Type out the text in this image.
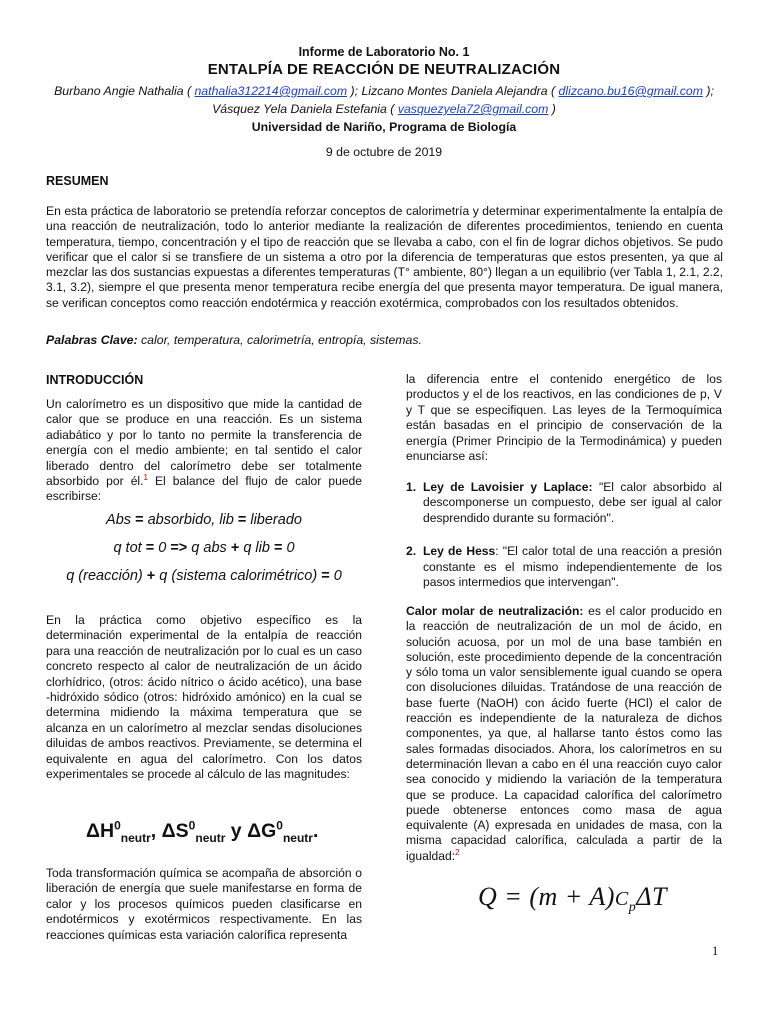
Informe de Laboratorio No. 1
ENTALPÍA DE REACCIÓN DE NEUTRALIZACIÓN
Burbano Angie Nathalia ( nathalia312214@gmail.com ); Lizcano Montes Daniela Alejandra ( dlizcano.bu16@gmail.com );
Vásquez Yela Daniela Estefania ( vasquezyela72@gmail.com )
Universidad de Nariño, Programa de Biología
9 de octubre de 2019
RESUMEN
En esta práctica de laboratorio se pretendía reforzar conceptos de calorimetría y determinar experimentalmente la entalpía de una reacción de neutralización, todo lo anterior mediante la realización de diferentes procedimientos, teniendo en cuenta temperatura, tiempo, concentración y el tipo de reacción que se llevaba a cabo, con el fin de lograr dichos objetivos. Se pudo verificar que el calor si se transfiere de un sistema a otro por la diferencia de temperaturas que estos presenten, ya que al mezclar las dos sustancias expuestas a diferentes temperaturas (T° ambiente, 80°) llegan a un equilibrio (ver Tabla 1, 2.1, 2.2, 3.1, 3.2), siempre el que presenta menor temperatura recibe energía del que presenta mayor temperatura. De igual manera, se verifican conceptos como reacción endotérmica y reacción exotérmica, comprobados con los resultados obtenidos.
Palabras Clave: calor, temperatura, calorimetría, entropía, sistemas.
INTRODUCCIÓN
Un calorímetro es un dispositivo que mide la cantidad de calor que se produce en una reacción. Es un sistema adiabático y por lo tanto no permite la transferencia de energía con el medio ambiente; en tal sentido el calor liberado dentro del calorímetro debe ser totalmente absorbido por él.$^1$ El balance del flujo de calor puede escribirse:
Abs = absorbido, lib = liberado
q tot = 0 => q abs + q lib = 0
q (reacción) + q (sistema calorimétrico) = 0
En la práctica como objetivo específico es la determinación experimental de la entalpía de reacción para una reacción de neutralización por lo cual es un caso concreto respecto al calor de neutralización de un ácido clorhídrico, (otros: ácido nítrico o ácido acético), una base -hidróxido sódico (otros: hidróxido amónico) en la cual se determina midiendo la máxima temperatura que se alcanza en un calorímetro al mezclar sendas disoluciones diluidas de ambos reactivos. Previamente, se determina el equivalente en agua del calorímetro. Con los datos experimentales se procede al cálculo de las magnitudes:
$\Delta H^0_{neutr}$, $\Delta S^0_{neutr}$ y $\Delta G^0_{neutr}$.
Toda transformación química se acompaña de absorción o liberación de energía que suele manifestarse en forma de calor y los procesos químicos pueden clasificarse en endotérmicos y exotérmicos respectivamente. En las reacciones químicas esta variación calorífica representa
la diferencia entre el contenido energético de los productos y el de los reactivos, en las condiciones de p, V y T que se especifiquen. Las leyes de la Termoquímica están basadas en el principio de conservación de la energía (Primer Principio de la Termodinámica) y pueden enunciarse así:
1. Ley de Lavoisier y Laplace: "El calor absorbido al descomponerse un compuesto, debe ser igual al calor desprendido durante su formación".
2. Ley de Hess: "El calor total de una reacción a presión constante es el mismo independientemente de los pasos intermedios que intervengan".
Calor molar de neutralización: es el calor producido en la reacción de neutralización de un mol de ácido, en solución acuosa, por un mol de una base también en solución, este procedimiento depende de la concentración y sólo toma un valor sensiblemente igual cuando se opera con disoluciones diluidas. Tratándose de una reacción de base fuerte (NaOH) con ácido fuerte (HCl) el calor de reacción es independiente de la naturaleza de dichos componentes, ya que, al hallarse tanto éstos como las sales formadas disociados. Ahora, los calorímetros en su determinación llevan a cabo en él una reacción cuyo calor sea conocido y midiendo la variación de la temperatura que se produce. La capacidad calorífica del calorímetro puede obtenerse entonces como masa de agua equivalente (A) expresada en unidades de masa, con la misma capacidad calorífica, calculada a partir de la igualdad:$^2$
$Q = (m + A)C_p\Delta T$
1
